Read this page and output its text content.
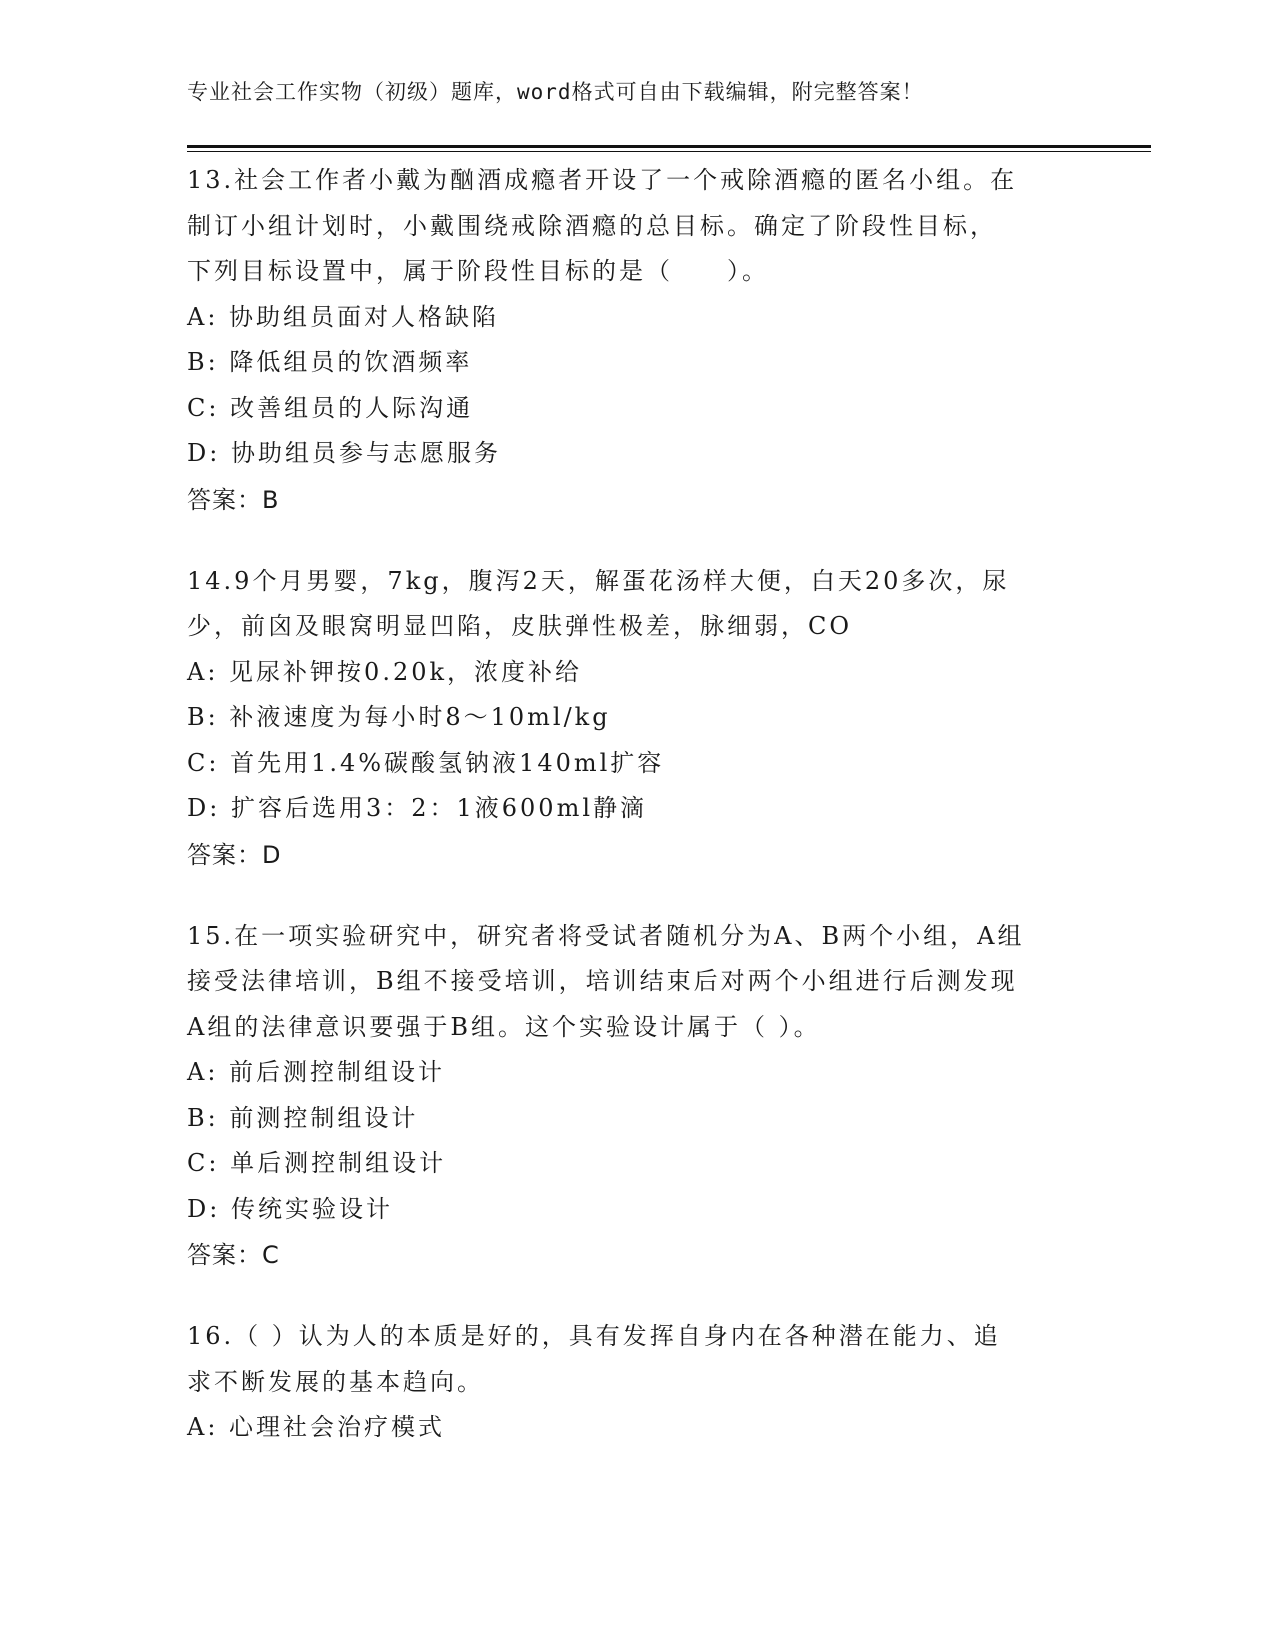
专业社会工作实物（初级）题库，word格式可自由下载编辑，附完整答案！

13.社会工作者小戴为酗酒成瘾者开设了一个戒除酒瘾的匿名小组。在

制订小组计划时，小戴围绕戒除酒瘾的总目标。确定了阶段性目标，

下列目标设置中，属于阶段性目标的是（　　）。

A: 协助组员面对人格缺陷

B: 降低组员的饮酒频率

C: 改善组员的人际沟通

D: 协助组员参与志愿服务

答案：B

14.9个月男婴，7kg，腹泻2天，解蛋花汤样大便，白天20多次，尿

少，前囟及眼窝明显凹陷，皮肤弹性极差，脉细弱，CO

A: 见尿补钾按0.20k，浓度补给

B: 补液速度为每小时8～10ml/kg

C: 首先用1.4%碳酸氢钠液140ml扩容

D: 扩容后选用3：2：1液600ml静滴

答案：D

15.在一项实验研究中，研究者将受试者随机分为A、B两个小组，A组

接受法律培训，B组不接受培训，培训结束后对两个小组进行后测发现

A组的法律意识要强于B组。这个实验设计属于（ ）。

A: 前后测控制组设计

B: 前测控制组设计

C: 单后测控制组设计

D: 传统实验设计

答案：C

16.（ ）认为人的本质是好的，具有发挥自身内在各种潜在能力、追

求不断发展的基本趋向。

A: 心理社会治疗模式
